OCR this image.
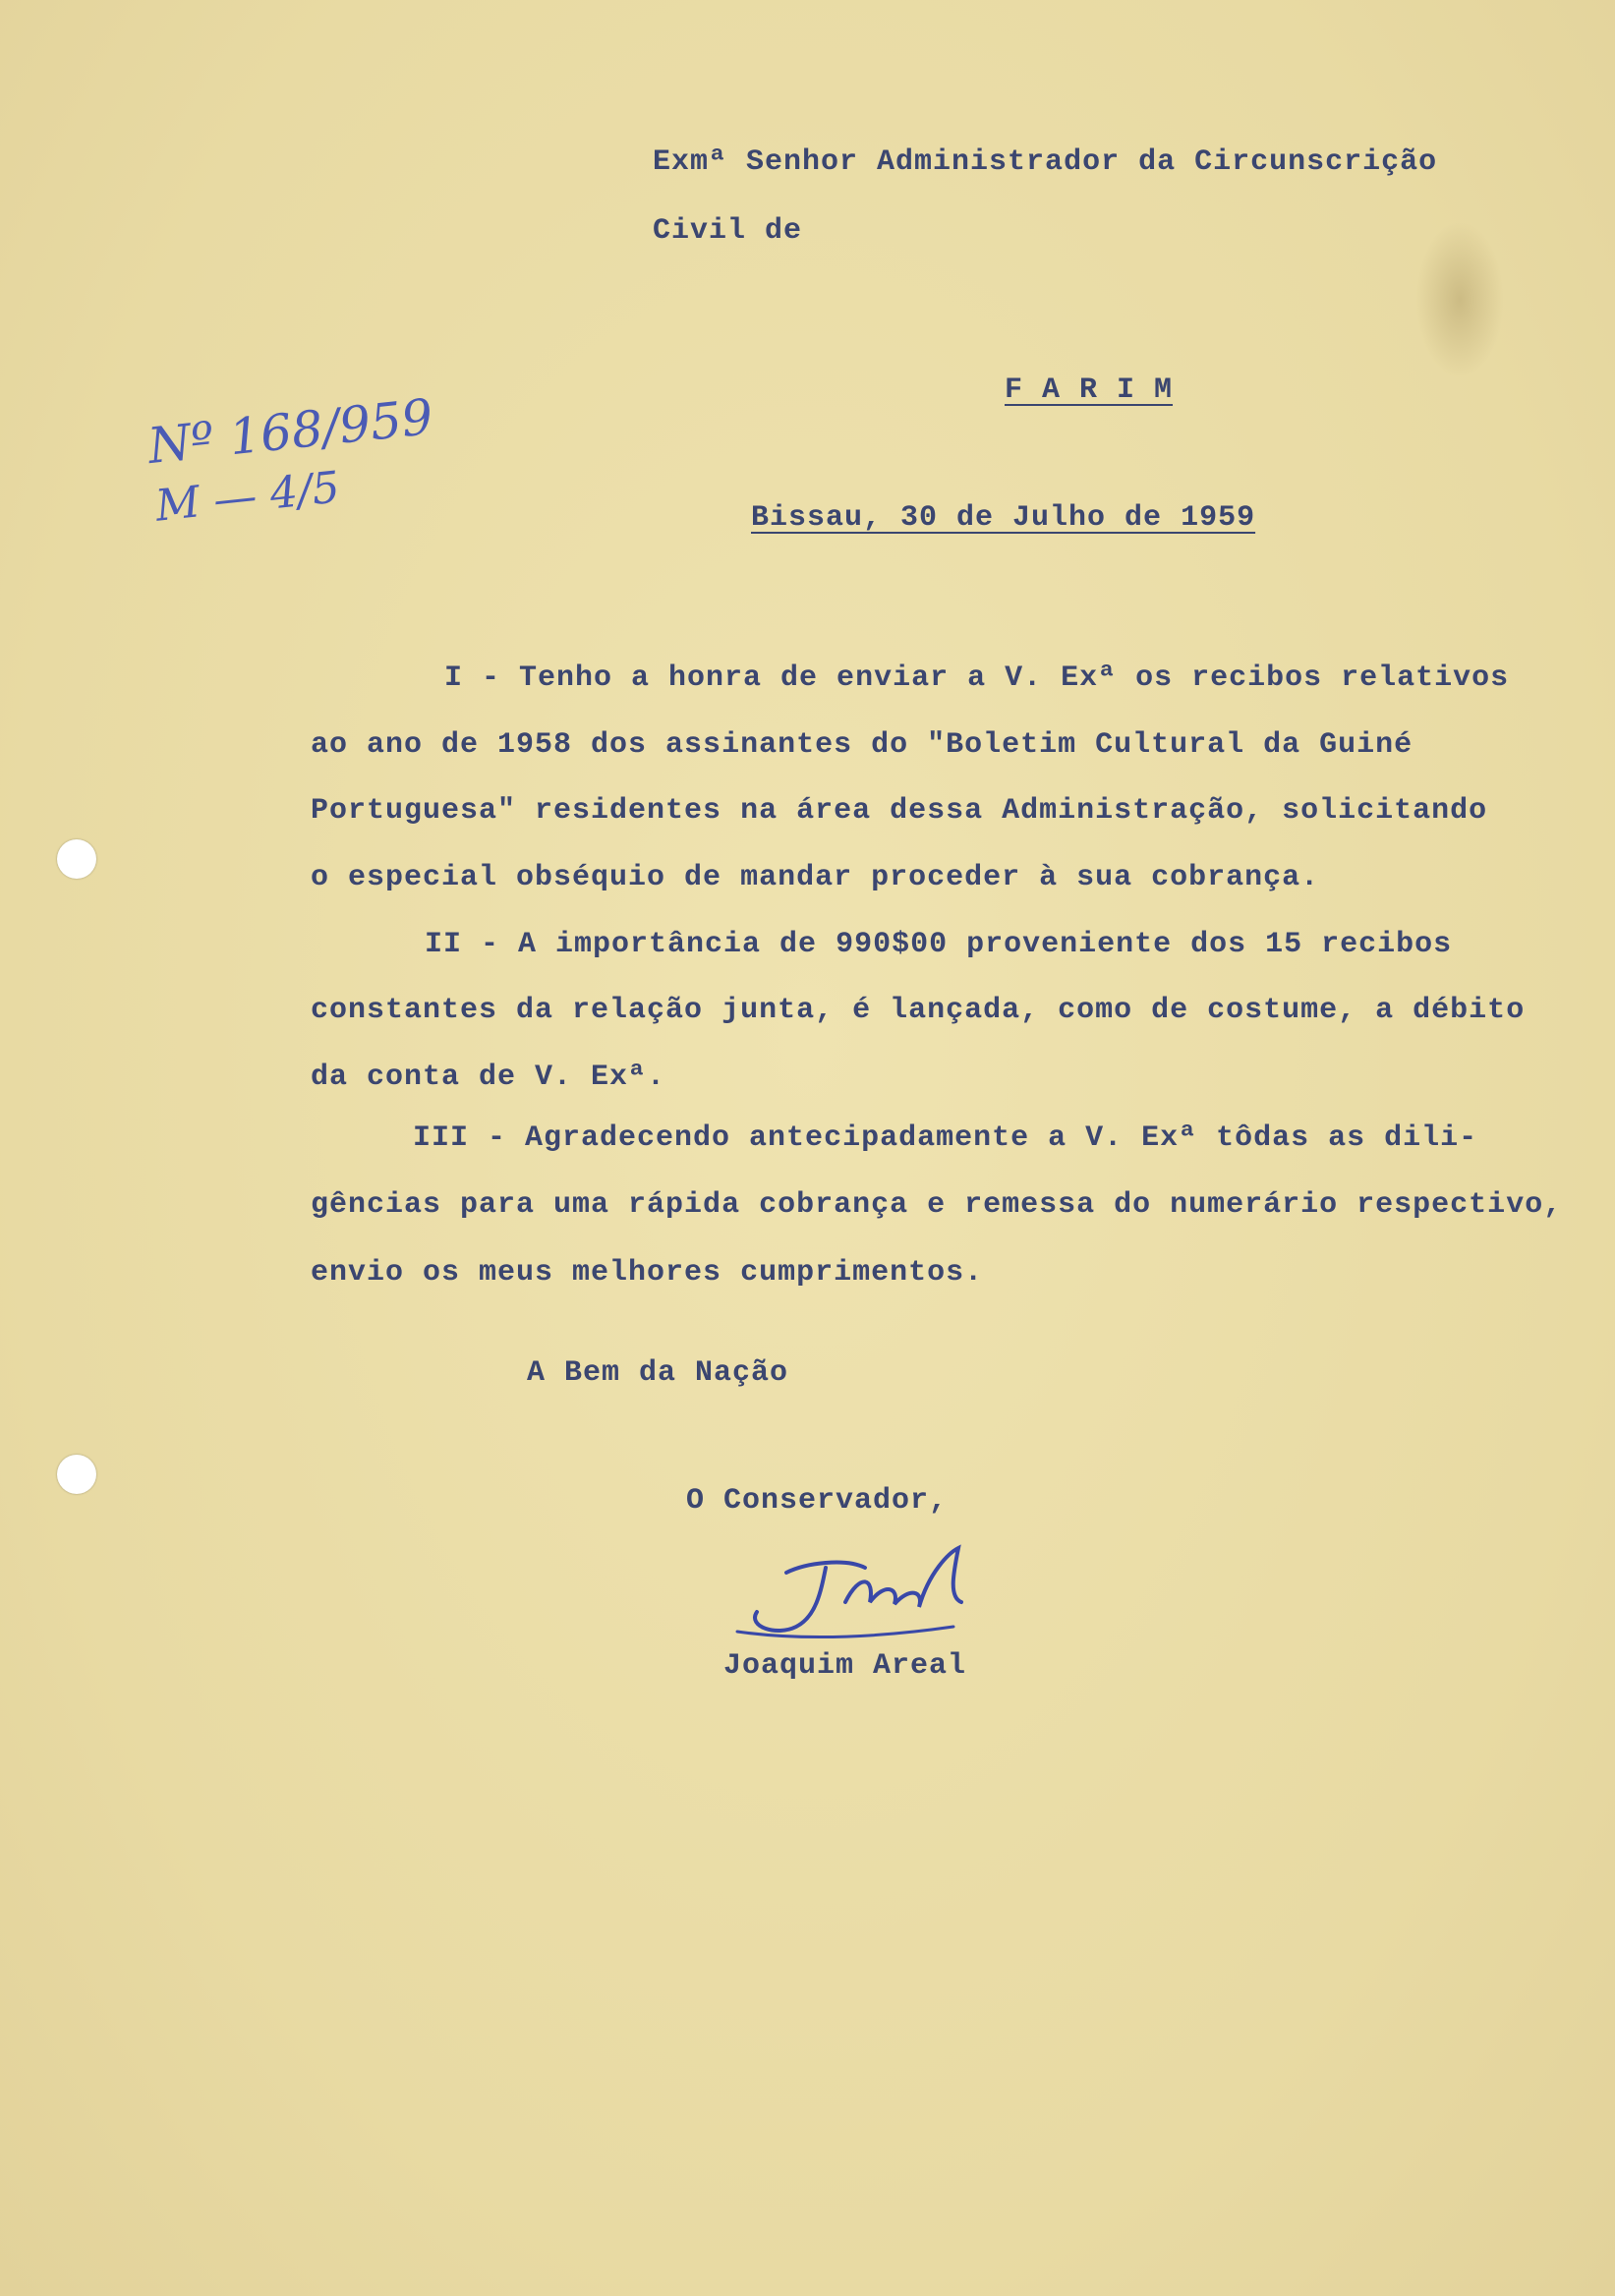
Exmª Senhor Administrador da Circunscrição
Civil de
F A R I M
Nº 168/959
M — 4/5	Bissau, 30 de Julho de 1959
I - Tenho a honra de enviar a V. Exª os recibos relativos
ao ano de 1958 dos assinantes do "Boletim Cultural da Guiné
Portuguesa" residentes na área dessa Administração, solicitando
o especial obséquio de mandar proceder à sua cobrança.
II - A importância de 990$00 proveniente dos 15 recibos
constantes da relação junta, é lançada, como de costume, a débito
da conta de V. Exª.
III - Agradecendo antecipadamente a V. Exª tôdas as dili-
gências para uma rápida cobrança e remessa do numerário respectivo,
envio os meus melhores cumprimentos.
A Bem da Nação
O Conservador,
Joaquim Areal
